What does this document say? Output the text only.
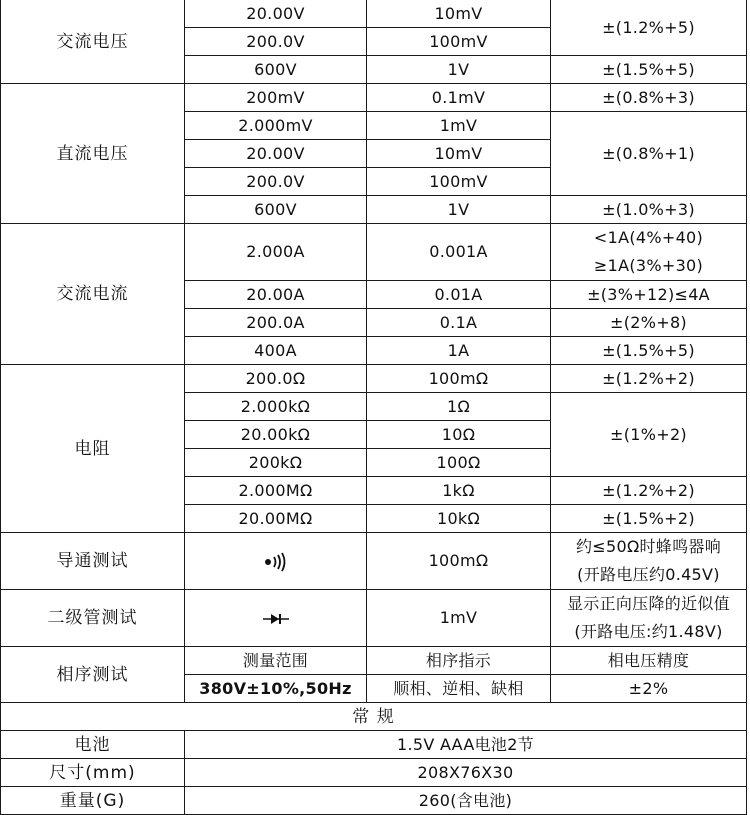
交流电压	20.00V	10mV	±(1.2%+5)
	200.0V	100mV	
	600V	1V	±(1.5%+5)
直流电压	200mV	0.1mV	±(0.8%+3)
	2.000mV	1mV	±(0.8%+1)
	20.00V	10mV	
	200.0V	100mV	
	600V	1V	±(1.0%+3)
交流电流	2.000A	0.001A	<1A(4%+40)
≥1A(3%+30)

	20.00A	0.01A	±(3%+12)≤4A
	200.0A	0.1A	±(2%+8)
	400A	1A	±(1.5%+5)
电阻	200.0Ω	100mΩ	±(1.2%+2)
	2.000kΩ	1Ω	±(1%+2)
	20.00kΩ	10Ω	
	200kΩ	100Ω	
	2.000MΩ	1kΩ	±(1.2%+2)
	20.00MΩ	10kΩ	±(1.5%+2)
导通测试		100mΩ	约≤50Ω时蜂鸣器响
(开路电压约0.45V)

二级管测试		1mV	显示正向压降的近似值
(开路电压:约1.48V)

相序测试	测量范围	相序指示	相电压精度
	380V±10%,50Hz	顺相、逆相、缺相	±2%
常 规			
电池	1.5V AAA电池2节		
尺寸(mm)	208X76X30		
重量(G)	260(含电池)		
